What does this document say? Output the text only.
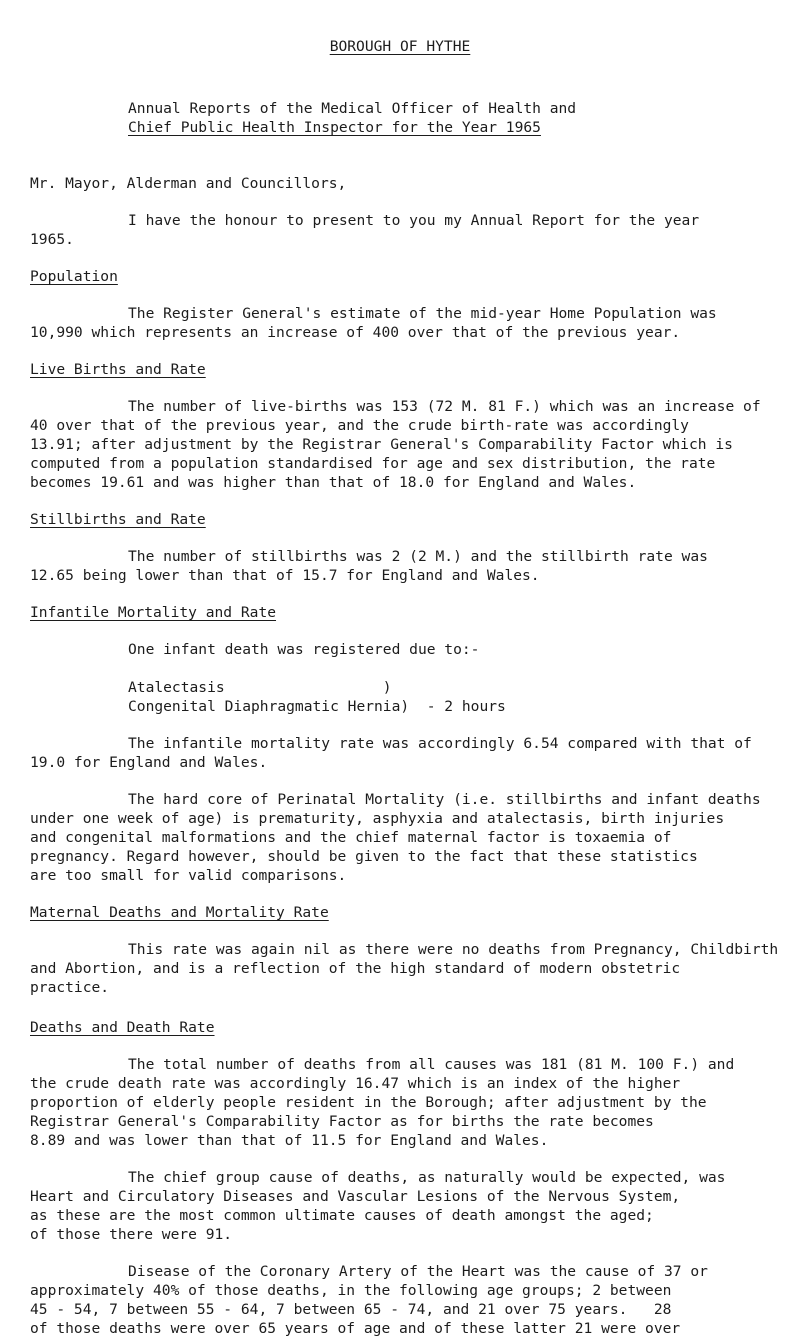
BOROUGH OF HYTHE

Annual Reports of the Medical Officer of Health and

Chief Public Health Inspector for the Year 1965

Mr. Mayor, Alderman and Councillors,

I have the honour to present to you my Annual Report for the year

1965.

Population

The Register General's estimate of the mid-year Home Population was

10,990 which represents an increase of 400 over that of the previous year.

Live Births and Rate

The number of live-births was 153 (72 M. 81 F.) which was an increase of

40 over that of the previous year, and the crude birth-rate was accordingly

13.91; after adjustment by the Registrar General's Comparability Factor which is

computed from a population standardised for age and sex distribution, the rate

becomes 19.61 and was higher than that of 18.0 for England and Wales.

Stillbirths and Rate

The number of stillbirths was 2 (2 M.) and the stillbirth rate was

12.65 being lower than that of 15.7 for England and Wales.

Infantile Mortality and Rate

One infant death was registered due to:-

Atalectasis                  )

Congenital Diaphragmatic Hernia)  - 2 hours

The infantile mortality rate was accordingly 6.54 compared with that of

19.0 for England and Wales.

The hard core of Perinatal Mortality (i.e. stillbirths and infant deaths

under one week of age) is prematurity, asphyxia and atalectasis, birth injuries

and congenital malformations and the chief maternal factor is toxaemia of

pregnancy. Regard however, should be given to the fact that these statistics

are too small for valid comparisons.

Maternal Deaths and Mortality Rate

This rate was again nil as there were no deaths from Pregnancy, Childbirth

and Abortion, and is a reflection of the high standard of modern obstetric

practice.

Deaths and Death Rate

The total number of deaths from all causes was 181 (81 M. 100 F.) and

the crude death rate was accordingly 16.47 which is an index of the higher

proportion of elderly people resident in the Borough; after adjustment by the

Registrar General's Comparability Factor as for births the rate becomes

8.89 and was lower than that of 11.5 for England and Wales.

The chief group cause of deaths, as naturally would be expected, was

Heart and Circulatory Diseases and Vascular Lesions of the Nervous System,

as these are the most common ultimate causes of death amongst the aged;

of those there were 91.

Disease of the Coronary Artery of the Heart was the cause of 37 or

approximately 40% of those deaths, in the following age groups; 2 between

45 - 54, 7 between 55 - 64, 7 between 65 - 74, and 21 over 75 years.   28

of those deaths were over 65 years of age and of these latter 21 were over
